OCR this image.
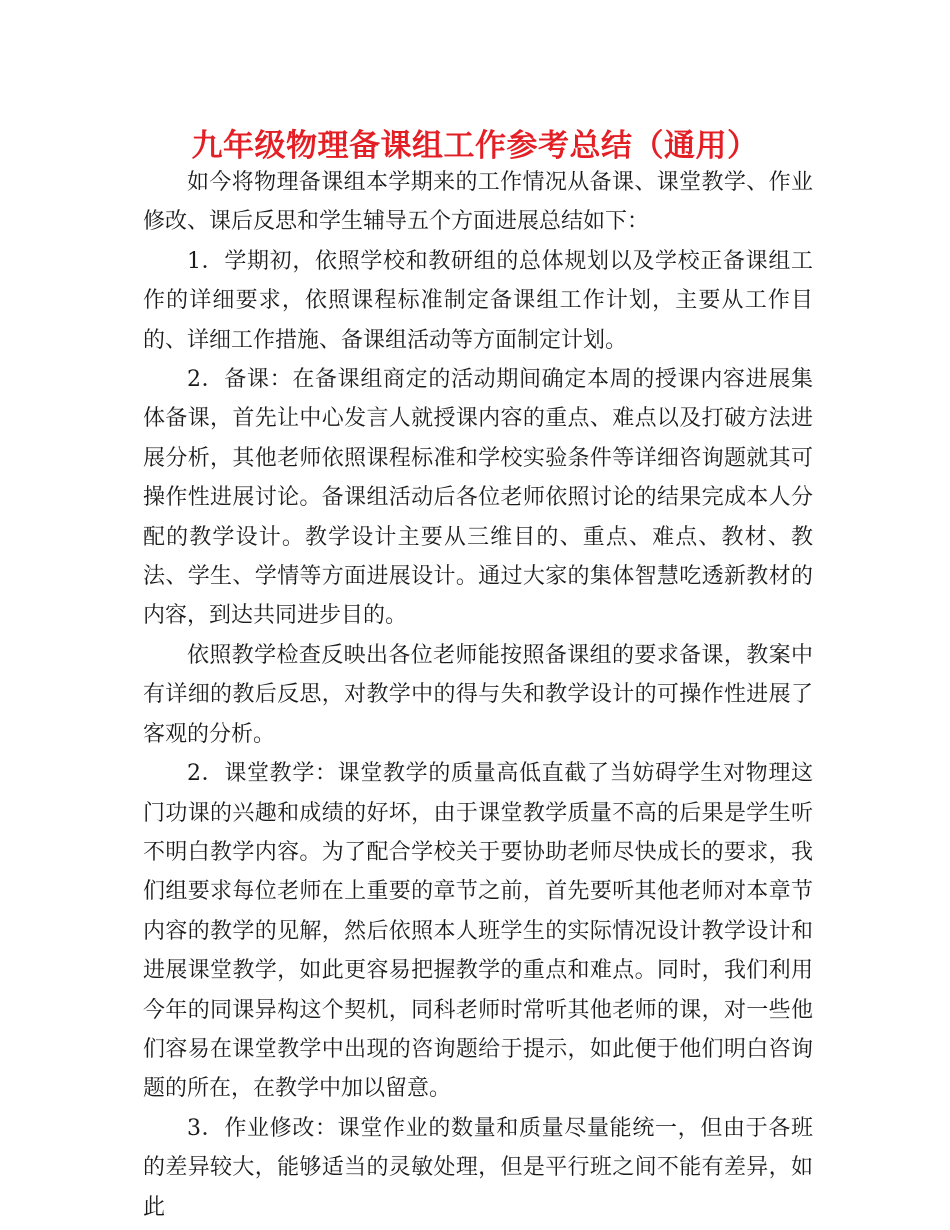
九年级物理备课组工作参考总结（通用）

如今将物理备课组本学期来的工作情况从备课、课堂教学、作业修改、课后反思和学生辅导五个方面进展总结如下：

1．学期初，依照学校和教研组的总体规划以及学校正备课组工作的详细要求，依照课程标准制定备课组工作计划，主要从工作目的、详细工作措施、备课组活动等方面制定计划。

2．备课：在备课组商定的活动期间确定本周的授课内容进展集体备课，首先让中心发言人就授课内容的重点、难点以及打破方法进展分析，其他老师依照课程标准和学校实验条件等详细咨询题就其可操作性进展讨论。备课组活动后各位老师依照讨论的结果完成本人分配的教学设计。教学设计主要从三维目的、重点、难点、教材、教法、学生、学情等方面进展设计。通过大家的集体智慧吃透新教材的内容，到达共同进步目的。

依照教学检查反映出各位老师能按照备课组的要求备课，教案中有详细的教后反思，对教学中的得与失和教学设计的可操作性进展了客观的分析。

2．课堂教学：课堂教学的质量高低直截了当妨碍学生对物理这门功课的兴趣和成绩的好坏，由于课堂教学质量不高的后果是学生听不明白教学内容。为了配合学校关于要协助老师尽快成长的要求，我们组要求每位老师在上重要的章节之前，首先要听其他老师对本章节内容的教学的见解，然后依照本人班学生的实际情况设计教学设计和进展课堂教学，如此更容易把握教学的重点和难点。同时，我们利用今年的同课异构这个契机，同科老师时常听其他老师的课，对一些他们容易在课堂教学中出现的咨询题给于提示，如此便于他们明白咨询题的所在，在教学中加以留意。

3．作业修改：课堂作业的数量和质量尽量能统一，但由于各班的差异较大，能够适当的灵敏处理，但是平行班之间不能有差异，如此
